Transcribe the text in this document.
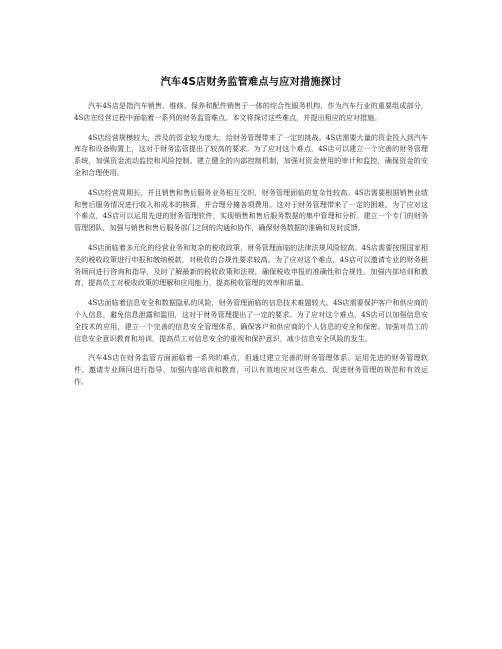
汽车4S店财务监管难点与应对措施探讨

汽车4S店是指汽车销售、维修、保养和配件销售于一体的综合性服务机构，作为汽车行业的重要组成部分，4S店在经营过程中面临着一系列的财务监管难点。本文将探讨这些难点，并提出相应的应对措施。

4S店经营规模较大，涉及的资金较为庞大，给财务管理带来了一定的挑战。4S店需要大量的资金投入到汽车库存和设备购置上，这对于财务监管提出了较高的要求。为了应对这个难点，4S店可以建立一个完善的财务管理系统，加强资金流动监控和风险控制。建立健全的内部控制机制，加强对资金使用的审计和监控，确保资金的安全和合理使用。

4S店经营周期长，并且销售和售后服务业务相互交织，财务管理面临的复杂性较高。4S店需要根据销售业绩和售后服务情况进行收入和成本的核算，并合理分摊各项费用。这对于财务管理带来了一定的困难。为了应对这个难点，4S店可以运用先进的财务管理软件，实现销售和售后服务数据的集中管理和分析。建立一个专门的财务管理团队，加强与销售和售后服务部门之间的沟通和协作，确保财务数据的准确和及时反馈。

4S店面临着多元化的经营业务和复杂的税收政策，财务管理面临的法律法规风险较高。4S店需要按照国家相关的税收政策进行申报和缴纳税款，对税收的合规性要求较高。为了应对这个难点，4S店可以邀请专业的财务税务顾问进行咨询和指导，及时了解最新的税收政策和法规，确保税收申报的准确性和合规性。加强内部培训和教育，提高员工对税收政策的理解和应用能力，提高税收管理的效率和质量。

4S店面临着信息安全和数据隐私的风险，财务管理面临的信息技术难题较大。4S店需要保护客户和供应商的个人信息，避免信息泄露和滥用，这对于财务管理提出了一定的要求。为了应对这个难点，4S店可以加强信息安全技术的应用，建立一个完善的信息安全管理体系，确保客户和供应商的个人信息的安全和保密。加强对员工的信息安全意识教育和培训，提高员工对信息安全的重视和保护意识，减少信息安全风险的发生。

汽车4S店在财务监管方面面临着一系列的难点，但通过建立完善的财务管理体系、运用先进的财务管理软件、邀请专业顾问进行指导、加强内部培训和教育，可以有效地应对这些难点，促进财务管理的规范和有效运作。
